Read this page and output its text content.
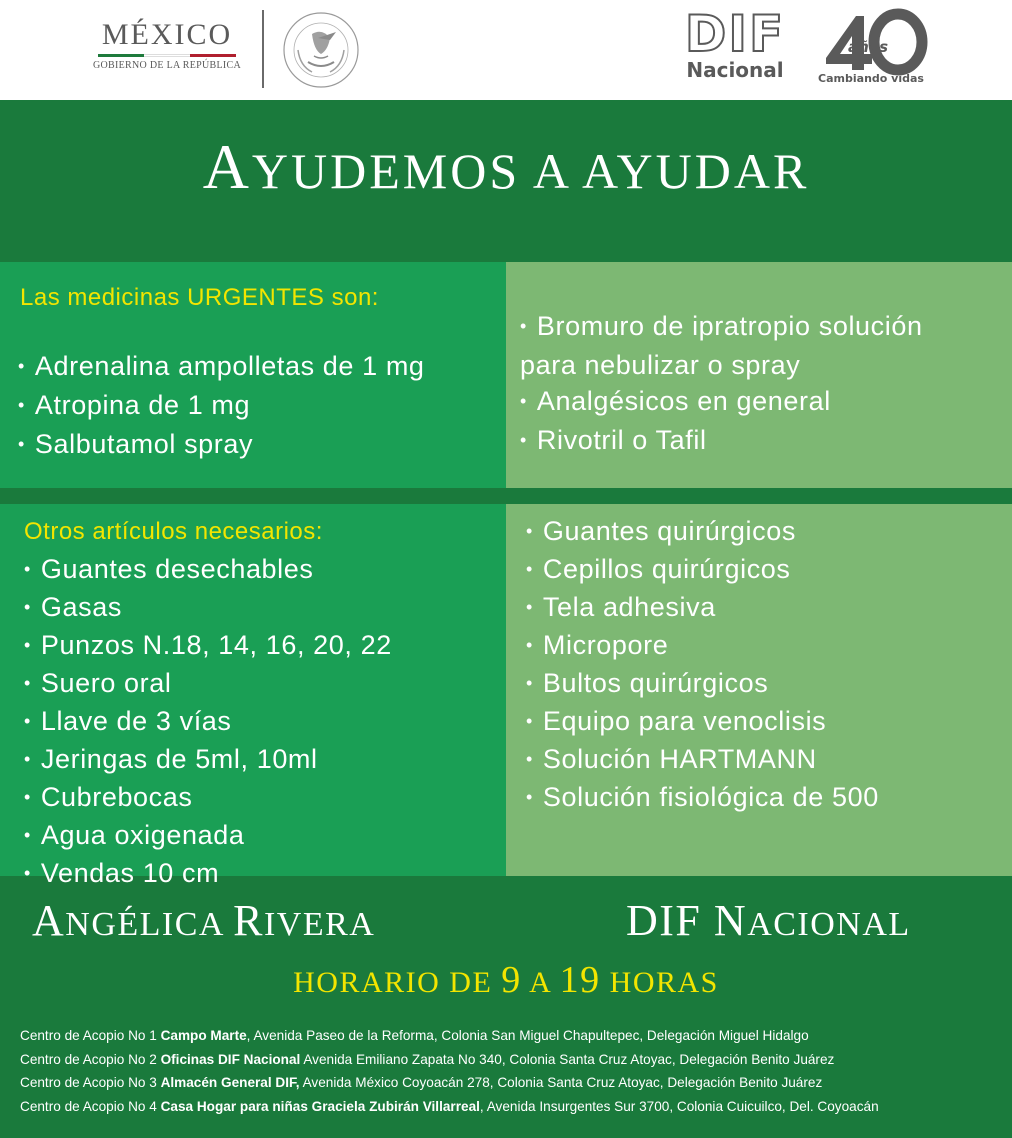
MÉXICO
GOBIERNO DE LA REPÚBLICA
DIF
Nacional
años
Cambiando vidas
AYUDEMOS A AYUDAR
Las medicinas URGENTES son:
• Adrenalina ampolletas de 1 mg
• Atropina de 1 mg
• Salbutamol spray
• Bromuro de ipratropio solución
para nebulizar o spray
• Analgésicos en general
• Rivotril o Tafil
Otros artículos necesarios:
• Guantes desechables
• Gasas
• Punzos N.18, 14, 16, 20, 22
• Suero oral
• Llave de 3 vías
• Jeringas de 5ml, 10ml
• Cubrebocas
• Agua oxigenada
• Vendas 10 cm
• Guantes quirúrgicos
• Cepillos quirúrgicos
• Tela adhesiva
• Micropore
• Bultos quirúrgicos
• Equipo para venoclisis
• Solución HARTMANN
• Solución fisiológica de 500
ANGÉLICA RIVERA	DIF NACIONAL
HORARIO DE 9 A 19 HORAS
Centro de Acopio No 1 Campo Marte, Avenida Paseo de la Reforma, Colonia San Miguel Chapultepec, Delegación Miguel Hidalgo
Centro de Acopio No 2 Oficinas DIF Nacional Avenida Emiliano Zapata No 340, Colonia Santa Cruz Atoyac, Delegación Benito Juárez
Centro de Acopio No 3 Almacén General DIF, Avenida México Coyoacán 278, Colonia Santa Cruz Atoyac, Delegación Benito Juárez
Centro de Acopio No 4 Casa Hogar para niñas Graciela Zubirán Villarreal, Avenida Insurgentes Sur 3700, Colonia Cuicuilco, Del. Coyoacán
